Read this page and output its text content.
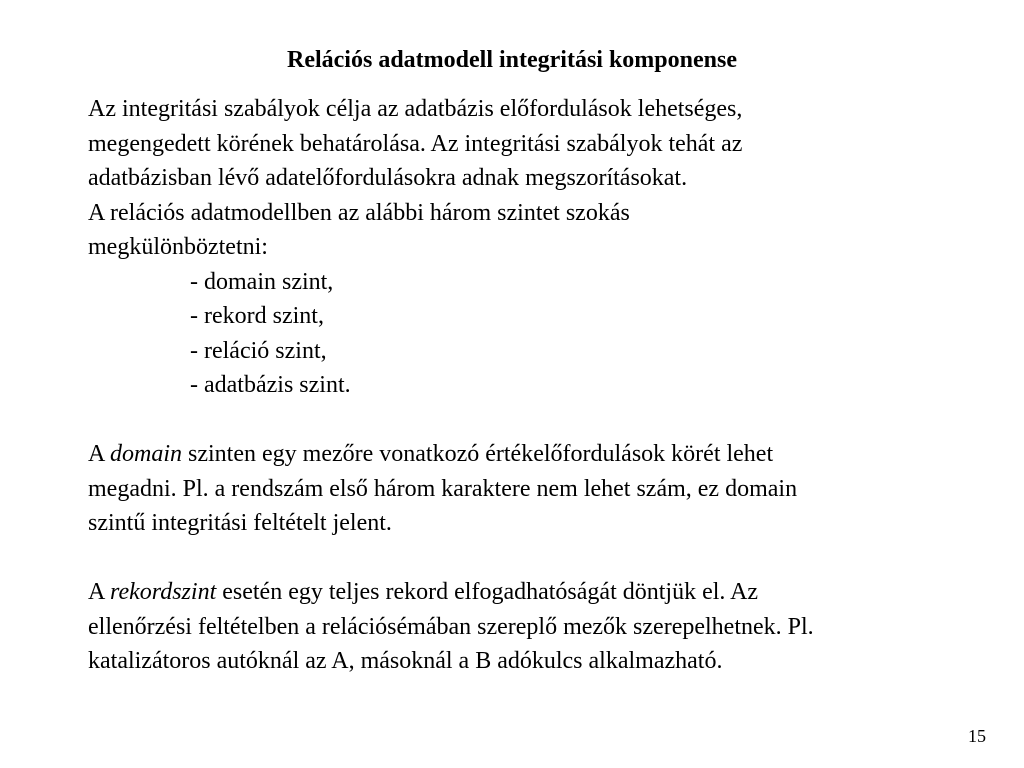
Relációs adatmodell integritási komponense

Az integritási szabályok célja az adatbázis előfordulások lehetséges,

megengedett körének behatárolása. Az integritási szabályok tehát az

adatbázisban lévő adatelőfordulásokra adnak megszorításokat.

A relációs adatmodellben az alábbi három szintet szokás

megkülönböztetni:

- domain szint,

- rekord szint,

- reláció szint,

- adatbázis szint.

A domain szinten egy mezőre vonatkozó értékelőfordulások körét lehet

megadni. Pl. a rendszám első három karaktere nem lehet szám, ez domain

szintű integritási feltételt jelent.

A rekordszint esetén egy teljes rekord elfogadhatóságát döntjük el. Az

ellenőrzési feltételben a relációsémában szereplő mezők szerepelhetnek. Pl.

katalizátoros autóknál az A, másoknál a B adókulcs alkalmazható.

15
